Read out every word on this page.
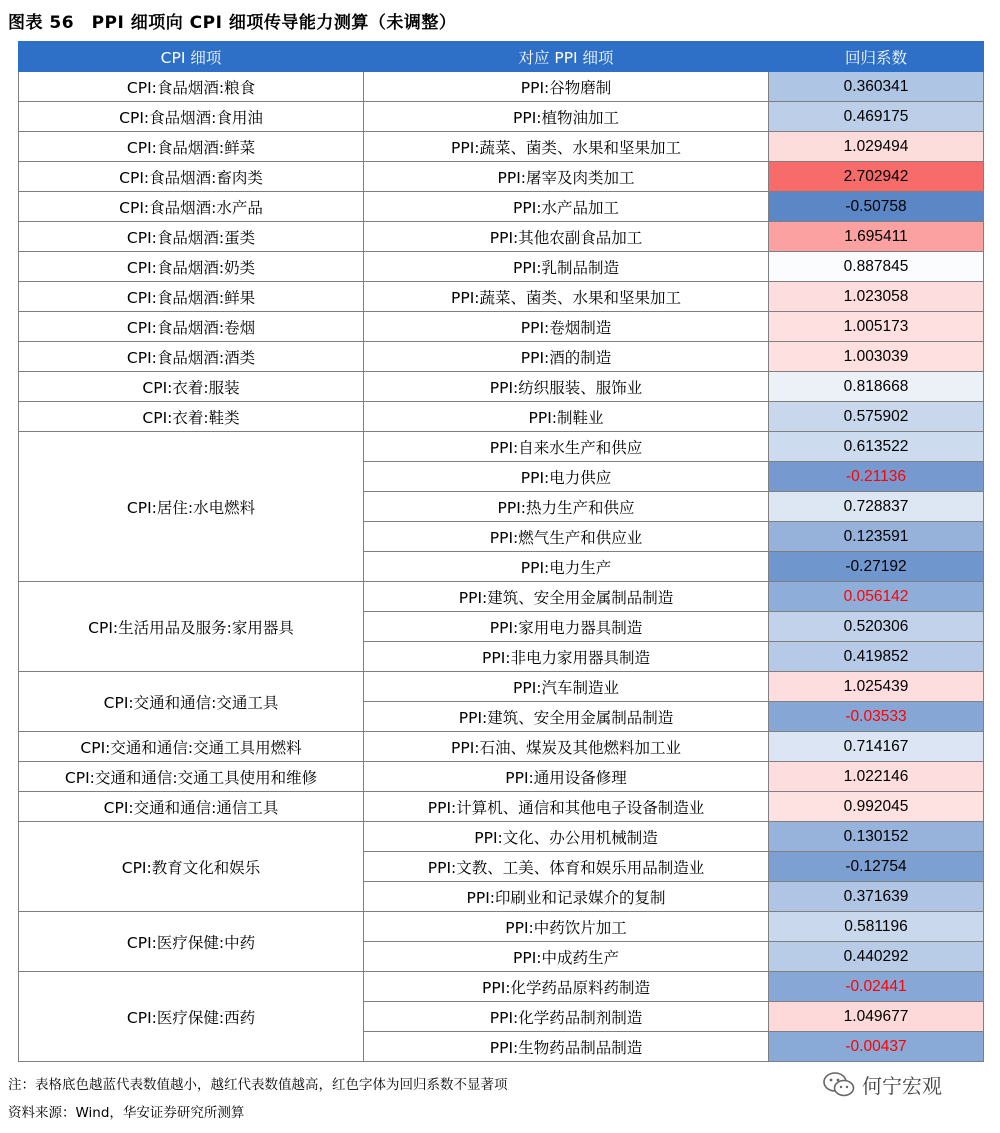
图表 56　PPI 细项向 CPI 细项传导能力测算（未调整）
CPI 细项	对应 PPI 细项	回归系数
CPI:食品烟酒:粮食	PPI:谷物磨制	0.360341
CPI:食品烟酒:食用油	PPI:植物油加工	0.469175
CPI:食品烟酒:鲜菜	PPI:蔬菜、菌类、水果和坚果加工	1.029494
CPI:食品烟酒:畜肉类	PPI:屠宰及肉类加工	2.702942
CPI:食品烟酒:水产品	PPI:水产品加工	-0.50758
CPI:食品烟酒:蛋类	PPI:其他农副食品加工	1.695411
CPI:食品烟酒:奶类	PPI:乳制品制造	0.887845
CPI:食品烟酒:鲜果	PPI:蔬菜、菌类、水果和坚果加工	1.023058
CPI:食品烟酒:卷烟	PPI:卷烟制造	1.005173
CPI:食品烟酒:酒类	PPI:酒的制造	1.003039
CPI:衣着:服装	PPI:纺织服装、服饰业	0.818668
CPI:衣着:鞋类	PPI:制鞋业	0.575902
CPI:居住:水电燃料	PPI:自来水生产和供应	0.613522
	PPI:电力供应	-0.21136
	PPI:热力生产和供应	0.728837
	PPI:燃气生产和供应业	0.123591
	PPI:电力生产	-0.27192
CPI:生活用品及服务:家用器具	PPI:建筑、安全用金属制品制造	0.056142
	PPI:家用电力器具制造	0.520306
	PPI:非电力家用器具制造	0.419852
CPI:交通和通信:交通工具	PPI:汽车制造业	1.025439
	PPI:建筑、安全用金属制品制造	-0.03533
CPI:交通和通信:交通工具用燃料	PPI:石油、煤炭及其他燃料加工业	0.714167
CPI:交通和通信:交通工具使用和维修	PPI:通用设备修理	1.022146
CPI:交通和通信:通信工具	PPI:计算机、通信和其他电子设备制造业	0.992045
CPI:教育文化和娱乐	PPI:文化、办公用机械制造	0.130152
	PPI:文教、工美、体育和娱乐用品制造业	-0.12754
	PPI:印刷业和记录媒介的复制	0.371639
CPI:医疗保健:中药	PPI:中药饮片加工	0.581196
	PPI:中成药生产	0.440292
CPI:医疗保健:西药	PPI:化学药品原料药制造	-0.02441
	PPI:化学药品制剂制造	1.049677
	PPI:生物药品制品制造	-0.00437
注：表格底色越蓝代表数值越小，越红代表数值越高，红色字体为回归系数不显著项
资料来源：Wind，华安证券研究所测算
何宁宏观
